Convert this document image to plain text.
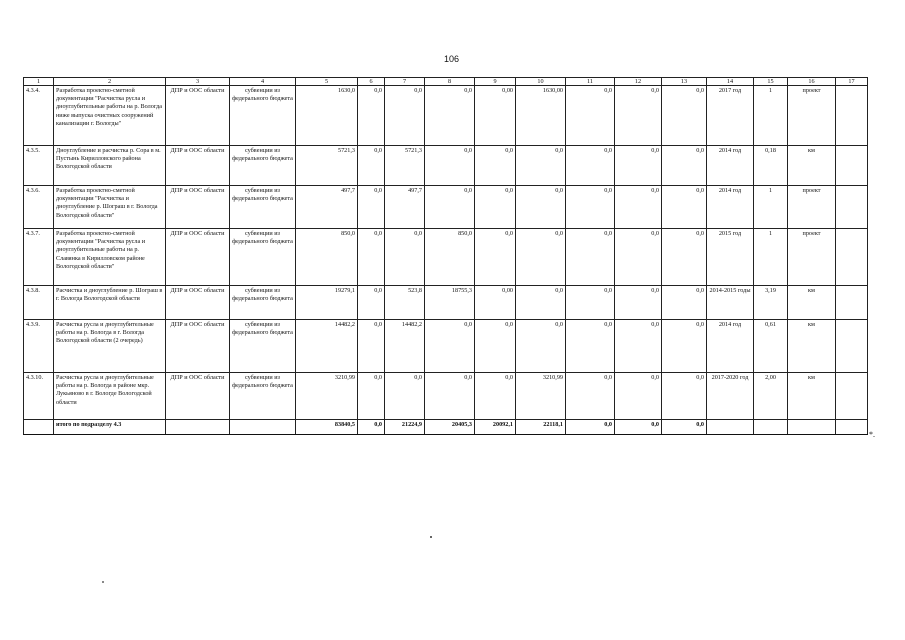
106
1	2	3	4	5	6	7	8	9	10	11	12	13	14	15	16	17
4.3.4.	Разработка проектно-сметной документации "Расчистка русла и дноуглубительные работы на р. Вологда ниже выпуска очистных сооружений канализации г. Вологды"	ДПР и ООС области	субвенции из федерального бюджета	1630,0	0,0	0,0	0,0	0,00	1630,00	0,0	0,0	0,0	2017 год	1	проект	
4.3.5.	Дноуглубление и расчистка р. Сора в м. Пустынь Кирилловского района Вологодской области	ДПР и ООС области	субвенции из федерального бюджета	5721,3	0,0	5721,3	0,0	0,0	0,0	0,0	0,0	0,0	2014 год	0,18	км	
4.3.6.	Разработка проектно-сметной документации "Расчистка и дноуглубление р. Шограш в г. Вологда Вологодской области"	ДПР и ООС области	субвенции из федерального бюджета	497,7	0,0	497,7	0,0	0,0	0,0	0,0	0,0	0,0	2014 год	1	проект	
4.3.7.	Разработка проектно-сметной документации "Расчистка русла и дноуглубительные работы на р. Славянка в Кирилловском районе Вологодской области"	ДПР и ООС области	субвенции из федерального бюджета	850,0	0,0	0,0	850,0	0,0	0,0	0,0	0,0	0,0	2015 год	1	проект	
4.3.8.	Расчистка и дноуглубление р. Шограш в г. Вологда Вологодской области	ДПР и ООС области	субвенции из федерального бюджета	19279,1	0,0	523,8	18755,3	0,00	0,0	0,0	0,0	0,0	2014-2015 годы	3,19	км	
4.3.9.	Расчистка русла и дноуглубительные работы на р. Вологда в г. Вологда Вологодской области (2 очередь)	ДПР и ООС области	субвенции из федерального бюджета	14482,2	0,0	14482,2	0,0	0,0	0,0	0,0	0,0	0,0	2014 год	0,61	км	
4.3.10.	Расчистка русла и дноуглубительные работы на р. Вологда в районе мкр. Лукьяново в г. Вологде Вологодской области	ДПР и ООС области	субвенции из федерального бюджета	3210,99	0,0	0,0	0,0	0,0	3210,99	0,0	0,0	0,0	2017-2020 год	2,00	км	
	итого по подразделу 4.3			83840,5	0,0	21224,9	20405,3	20092,1	22118,1	0,0	0,0	0,0				
*.
